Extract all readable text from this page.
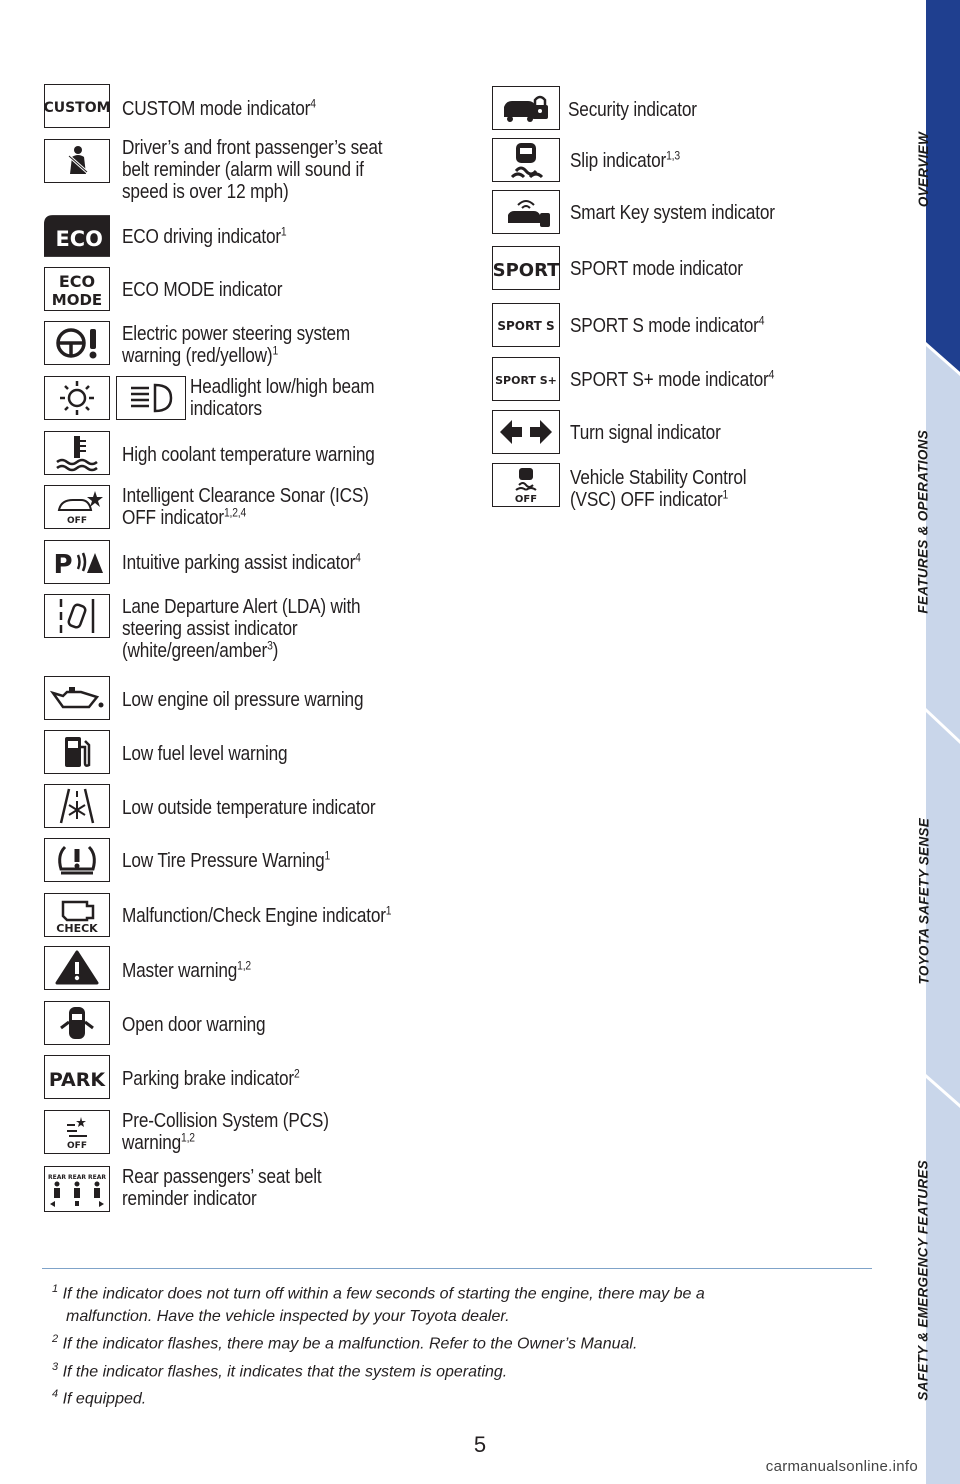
OVERVIEW
FEATURES & OPERATIONS
TOYOTA SAFETY SENSE
SAFETY & EMERGENCY FEATURES
CUSTOM CUSTOM mode indicator$^4$
Driver’s and front passenger’s seat
belt reminder (alarm will sound if
speed is over 12 mph)
ECO ECO driving indicator$^1$
ECO
MODE ECO MODE indicator
Electric power steering system
warning (red/yellow)$^1$
Headlight low/high beam
indicators
High coolant temperature warning
OFF
Intelligent Clearance Sonar (ICS)
OFF indicator$^{1,2,4}$
P Intuitive parking assist indicator$^4$
Lane Departure Alert (LDA) with
steering assist indicator
(white/green/amber$^3$)
Low engine oil pressure warning
Low fuel level warning
Low outside temperature indicator
Low Tire Pressure Warning$^1$
CHECK
Malfunction/Check Engine indicator$^1$
Master warning$^{1,2}$
Open door warning
PARK Parking brake indicator$^2$
OFF
Pre-Collision System (PCS)
warning$^{1,2}$
REAR REAR REAR Rear passengers’ seat belt
reminder indicator
Security indicator
Slip indicator$^{1,3}$
Smart Key system indicator
SPORT SPORT mode indicator
SPORT S SPORT S mode indicator$^4$
SPORT S+ SPORT S+ mode indicator$^4$
Turn signal indicator
OFF
Vehicle Stability Control
(VSC) OFF indicator$^1$
$^1$ If the indicator does not turn off within a few seconds of starting the engine, there may be a
malfunction. Have the vehicle inspected by your Toyota dealer.
$^2$ If the indicator flashes, there may be a malfunction. Refer to the Owner’s Manual.
$^3$ If the indicator flashes, it indicates that the system is operating.
$^4$ If equipped.
5
carmanualsonline.info
